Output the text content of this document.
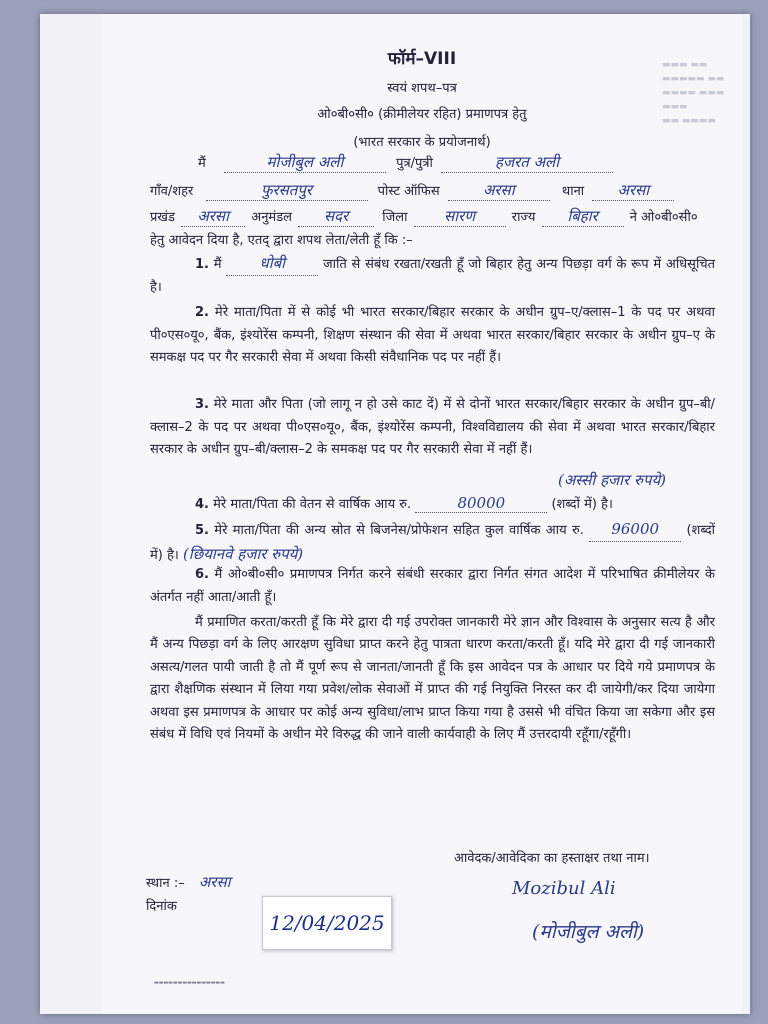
▬▬▬ ▬▬ ▬▬▬▬▬ ▬▬
▬▬▬▬ ▬▬▬ ▬▬▬
▬▬ ▬▬▬▬
फॉर्म–VIII
स्वयं शपथ–पत्र
ओ०बी०सी० (क्रीमीलेयर रहित) प्रमाणपत्र हेतु
(भारत सरकार के प्रयोजनार्थ)
मैं	मोजीबुल अली	पुत्र/पुत्री	हजरत अली
गाँव/शहर	फुरसतपुर	पोस्ट ऑफिस	अरसा	थाना अरसा
प्रखंड अरसा अनुमंडल सदर	जिला सारण	राज्य बिहार ने ओ०बी०सी०
हेतु आवेदन दिया है, एतद् द्वारा शपथ लेता/लेती हूँ कि :–
1. मैं	धोबी	जाति से संबंध रखता/रखती हूँ जो बिहार हेतु अन्य पिछड़ा वर्ग के रूप में अधिसूचित है।
2. मेरे माता/पिता में से कोई भी भारत सरकार/बिहार सरकार के अधीन ग्रुप–ए/क्लास–1 के पद पर अथवा पी०एस०यू०, बैंक, इंश्योरेंस कम्पनी, शिक्षण संस्थान की सेवा में अथवा भारत सरकार/बिहार सरकार के अधीन ग्रुप–ए के समकक्ष पद पर गैर सरकारी सेवा में अथवा किसी संवैधानिक पद पर नहीं हैं।
3. मेरे माता और पिता (जो लागू न हो उसे काट दें) में से दोनों भारत सरकार/बिहार सरकार के अधीन ग्रुप–बी/क्लास–2 के पद पर अथवा पी०एस०यू०, बैंक, इंश्योरेंस कम्पनी, विश्वविद्यालय की सेवा में अथवा भारत सरकार/बिहार सरकार के अधीन ग्रुप–बी/क्लास–2 के समकक्ष पद पर गैर सरकारी सेवा में नहीं हैं।
(अस्सी हजार रुपये)
4. मेरे माता/पिता की वेतन से वार्षिक आय रु.	80000	(शब्दों में) है।
5. मेरे माता/पिता की अन्य स्रोत से बिजनेस/प्रोफेशन सहित कुल वार्षिक आय रु. 96000 (शब्दों में) है। (छियानवे हजार रुपये)
6. मैं ओ०बी०सी० प्रमाणपत्र निर्गत करने संबंधी सरकार द्वारा निर्गत संगत आदेश में परिभाषित क्रीमीलेयर के अंतर्गत नहीं आता/आती हूँ।
मैं प्रमाणित करता/करती हूँ कि मेरे द्वारा दी गई उपरोक्त जानकारी मेरे ज्ञान और विश्वास के अनुसार सत्य है और मैं अन्य पिछड़ा वर्ग के लिए आरक्षण सुविधा प्राप्त करने हेतु पात्रता धारण करता/करती हूँ। यदि मेरे द्वारा दी गई जानकारी असत्य/गलत पायी जाती है तो मैं पूर्ण रूप से जानता/जानती हूँ कि इस आवेदन पत्र के आधार पर दिये गये प्रमाणपत्र के द्वारा शैक्षणिक संस्थान में लिया गया प्रवेश/लोक सेवाओं में प्राप्त की गई नियुक्ति निरस्त कर दी जायेगी/कर दिया जायेगा अथवा इस प्रमाणपत्र के आधार पर कोई अन्य सुविधा/लाभ प्राप्त किया गया है उससे भी वंचित किया जा सकेगा और इस संबंध में विधि एवं नियमों के अधीन मेरे विरुद्ध की जाने वाली कार्यवाही के लिए मैं उत्तरदायी रहूँगा/रहूँगी।
आवेदक/आवेदिका का हस्ताक्षर तथा नाम।
स्थान :– अरसा
दिनांक
12/04/2025
Mozibul Ali
(मोजीबुल अली)
▬▬▬▬▬▬▬▬▬▬▬▬▬▬▬
